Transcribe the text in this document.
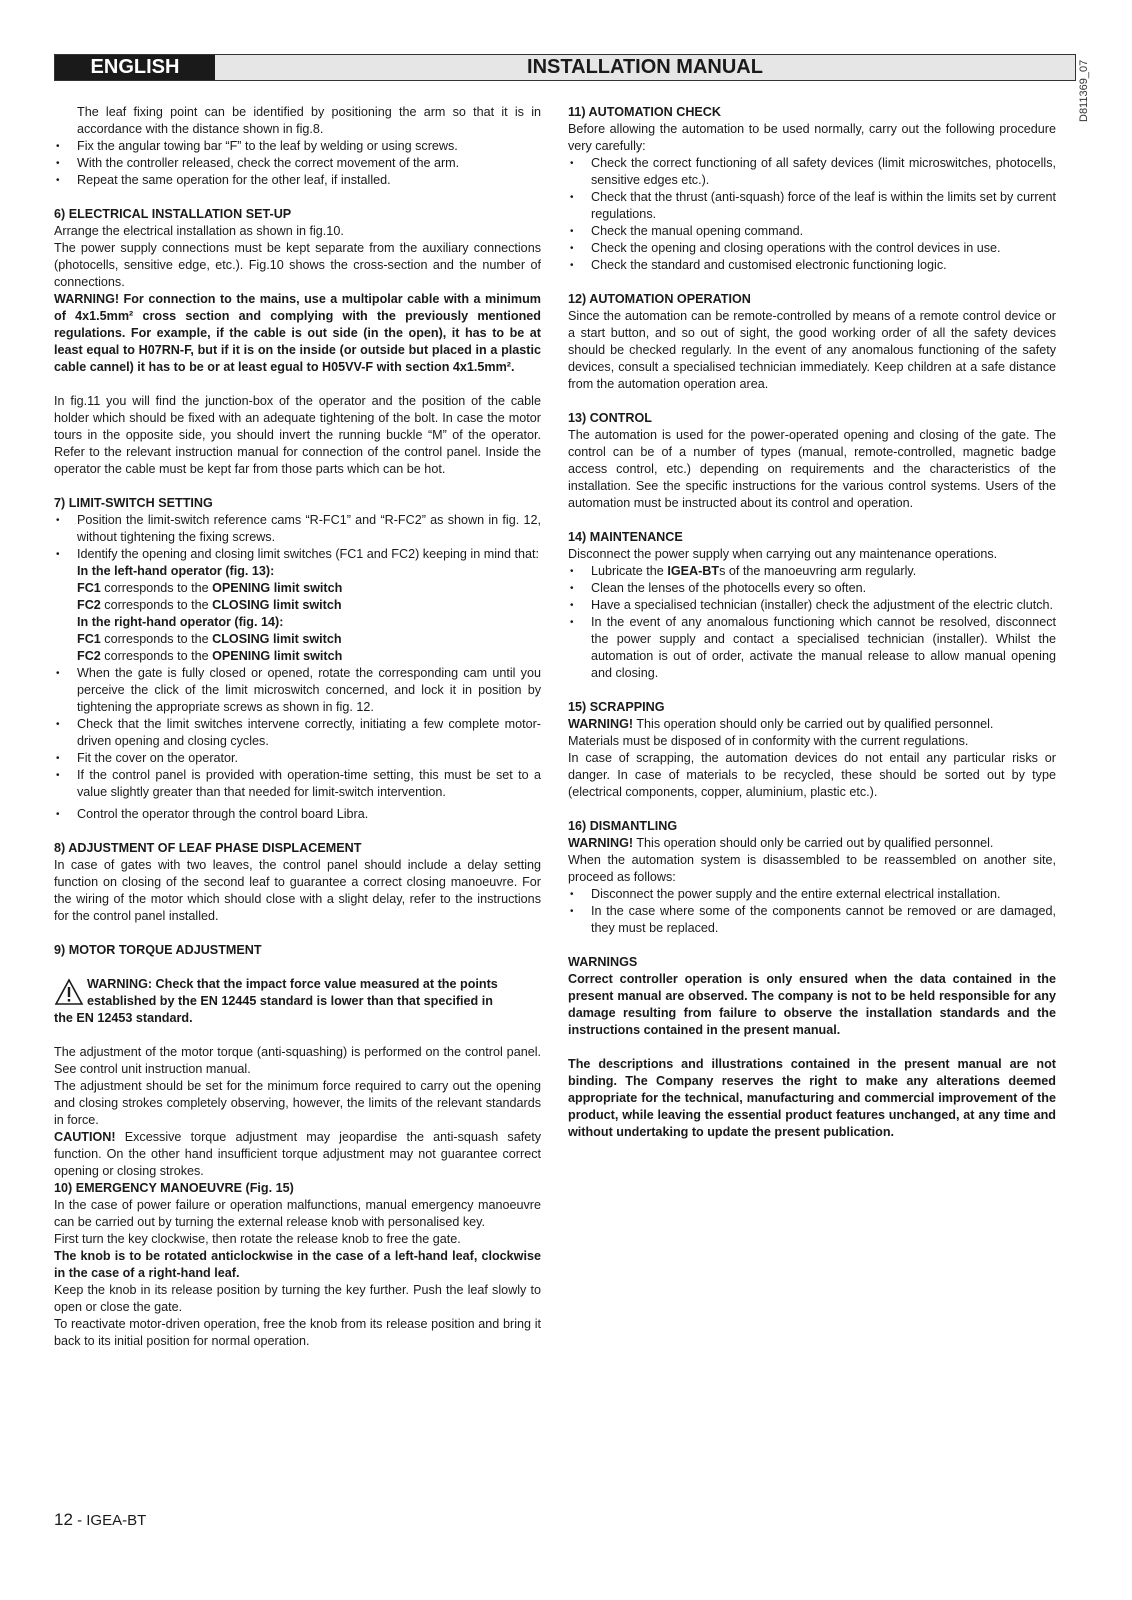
ENGLISH	INSTALLATION MANUAL	D811369_07

The leaf fixing point can be identified by positioning the arm so that it is in accordance with the distance shown in fig.8.

• Fix the angular towing bar “F” to the leaf by welding or using screws.
• With the controller released, check the correct movement of the arm.
• Repeat the same operation for the other leaf, if installed.
6) ELECTRICAL INSTALLATION SET-UP

Arrange the electrical installation as shown in fig.10.

The power supply connections must be kept separate from the auxiliary connections (photocells, sensitive edge, etc.). Fig.10 shows the cross-section and the number of connections.

WARNING! For connection to the mains, use a multipolar cable with a minimum of 4x1.5mm² cross section and complying with the previously mentioned regulations. For example, if the cable is out side (in the open), it has to be at least equal to H07RN-F, but if it is on the inside (or outside but placed in a plastic cable cannel) it has to be or at least egual to H05VV-F with section 4x1.5mm².

In fig.11 you will find the junction-box of the operator and the position of the cable holder which should be fixed with an adequate tightening of the bolt. In case the motor tours in the opposite side, you should invert the running buckle “M” of the operator. Refer to the relevant instruction manual for connection of the control panel. Inside the operator the cable must be kept far from those parts which can be hot.

7) LIMIT-SWITCH SETTING
• Position the limit-switch reference cams “R-FC1” and “R-FC2” as shown in fig. 12, without tightening the fixing screws.
• Identify the opening and closing limit switches (FC1 and FC2) keeping in mind that:
In the left-hand operator (fig. 13):
FC1 corresponds to the OPENING limit switch
FC2 corresponds to the CLOSING limit switch
In the right-hand operator (fig. 14):
FC1 corresponds to the CLOSING limit switch
FC2 corresponds to the OPENING limit switch
• When the gate is fully closed or opened, rotate the corresponding cam until you perceive the click of the limit microswitch concerned, and lock it in position by tightening the appropriate screws as shown in fig. 12.
• Check that the limit switches intervene correctly, initiating a few complete motor-driven opening and closing cycles.
• Fit the cover on the operator.
• If the control panel is provided with operation-time setting, this must be set to a value slightly greater than that needed for limit-switch intervention.
• Control the operator through the control board Libra.
8) ADJUSTMENT OF LEAF PHASE DISPLACEMENT

In case of gates with two leaves, the control panel should include a delay setting function on closing of the second leaf to guarantee a correct closing manoeuvre. For the wiring of the motor which should close with a slight delay, refer to the instructions for the control panel installed.

9) MOTOR TORQUE ADJUSTMENT
WARNING: Check that the impact force value measured at the points established by the EN 12445 standard is lower than that specified in

the EN 12453 standard.

The adjustment of the motor torque (anti-squashing) is performed on the control panel. See control unit instruction manual.

The adjustment should be set for the minimum force required to carry out the opening and closing strokes completely observing, however, the limits of the relevant standards in force.

CAUTION! Excessive torque adjustment may jeopardise the anti-squash safety function. On the other hand insufficient torque adjustment may not guarantee correct opening or closing strokes.

10) EMERGENCY MANOEUVRE (Fig. 15)

In the case of power failure or operation malfunctions, manual emergency manoeuvre can be carried out by turning the external release knob with personalised key.

First turn the key clockwise, then rotate the release knob to free the gate.

The knob is to be rotated anticlockwise in the case of a left-hand leaf, clockwise in the case of a right-hand leaf.

Keep the knob in its release position by turning the key further. Push the leaf slowly to open or close the gate.

To reactivate motor-driven operation, free the knob from its release position and bring it back to its initial position for normal operation.

11) AUTOMATION CHECK

Before allowing the automation to be used normally, carry out the following procedure very carefully:

• Check the correct functioning of all safety devices (limit microswitches, photocells, sensitive edges etc.).
• Check that the thrust (anti-squash) force of the leaf is within the limits set by current regulations.
• Check the manual opening command.
• Check the opening and closing operations with the control devices in use.
• Check the standard and customised electronic functioning logic.
12) AUTOMATION OPERATION

Since the automation can be remote-controlled by means of a remote control device or a start button, and so out of sight, the good working order of all the safety devices should be checked regularly. In the event of any anomalous functioning of the safety devices, consult a specialised technician immediately. Keep children at a safe distance from the automation operation area.

13) CONTROL

The automation is used for the power-operated opening and closing of the gate. The control can be of a number of types (manual, remote-controlled, magnetic badge access control, etc.) depending on requirements and the characteristics of the installation. See the specific instructions for the various control systems. Users of the automation must be instructed about its control and operation.

14) MAINTENANCE

Disconnect the power supply when carrying out any maintenance operations.

• Lubricate the IGEA-BTs of the manoeuvring arm regularly.
• Clean the lenses of the photocells every so often.
• Have a specialised technician (installer) check the adjustment of the electric clutch.
• In the event of any anomalous functioning which cannot be resolved, disconnect the power supply and contact a specialised technician (installer). Whilst the automation is out of order, activate the manual release to allow manual opening and closing.
15) SCRAPPING

WARNING! This operation should only be carried out by qualified personnel.

Materials must be disposed of in conformity with the current regulations.

In case of scrapping, the automation devices do not entail any particular risks or danger. In case of materials to be recycled, these should be sorted out by type (electrical components, copper, aluminium, plastic etc.).

16) DISMANTLING

WARNING! This operation should only be carried out by qualified personnel.

When the automation system is disassembled to be reassembled on another site, proceed as follows:

• Disconnect the power supply and the entire external electrical installation.
• In the case where some of the components cannot be removed or are damaged, they must be replaced.
WARNINGS

Correct controller operation is only ensured when the data contained in the present manual are observed. The company is not to be held responsible for any damage resulting from failure to observe the installation standards and the instructions contained in the present manual.

The descriptions and illustrations contained in the present manual are not binding. The Company reserves the right to make any alterations deemed appropriate for the technical, manufacturing and commercial improvement of the product, while leaving the essential product features unchanged, at any time and without undertaking to update the present publication.

12 - IGEA-BT
